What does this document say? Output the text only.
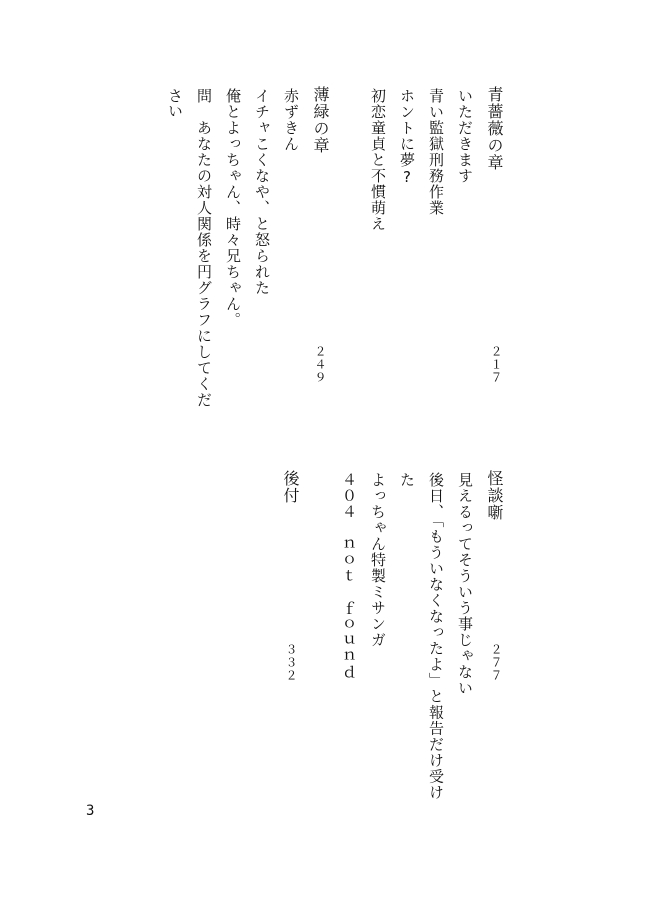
青薔薇の章
２１７
いただきます
青い監獄刑務作業
ホントに夢?
初恋童貞と不慣萌え
薄緑の章
２４９
赤ずきん
イチャこくなや、と怒られた
俺とよっちゃん、時々兄ちゃん。
問　あなたの対人関係を円グラフにしてくだ
さい
怪談噺
２７７
見えるってそういう事じゃない
後日、「もういなくなったよ」と報告だけ受け
た
よっちゃん特製ミサンガ
４０４　ｎｏｔ　ｆｏｕｎｄ
後付
３３２
3
